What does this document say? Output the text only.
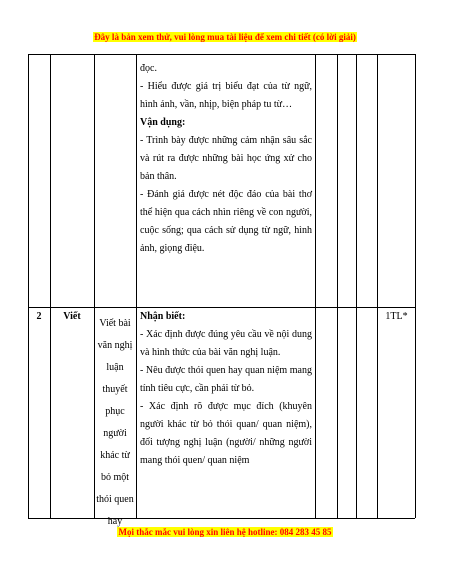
Đây là bản xem thử, vui lòng mua tài liệu để xem chi tiết (có lời giải)

đọc.

- Hiểu được giá trị biểu đạt của từ ngữ, hình ảnh, vần, nhịp, biện pháp tu từ…

Vận dụng:

- Trình bày được những cảm nhận sâu sắc và rút ra được những bài học ứng xử cho bản thân.

- Đánh giá được nét độc đáo của bài thơ thể hiện qua cách nhìn riêng về con người, cuộc sống; qua cách sử dụng từ ngữ, hình ảnh, giọng điệu.

2	Viết
Viết bài văn nghị luận thuyết phục người khác từ bỏ một thói quen hay
1TL*

Nhận biết:

- Xác định được đúng yêu cầu về nội dung và hình thức của bài văn nghị luận.

- Nêu được thói quen hay quan niệm mang tính tiêu cực, cần phải từ bỏ.

- Xác định rõ được mục đích (khuyên người khác từ bỏ thói quan/ quan niệm), đối tượng nghị luận (người/ những người mang thói quen/ quan niệm

Mọi thắc mắc vui lòng xin liên hệ hotline: 084 283 45 85
